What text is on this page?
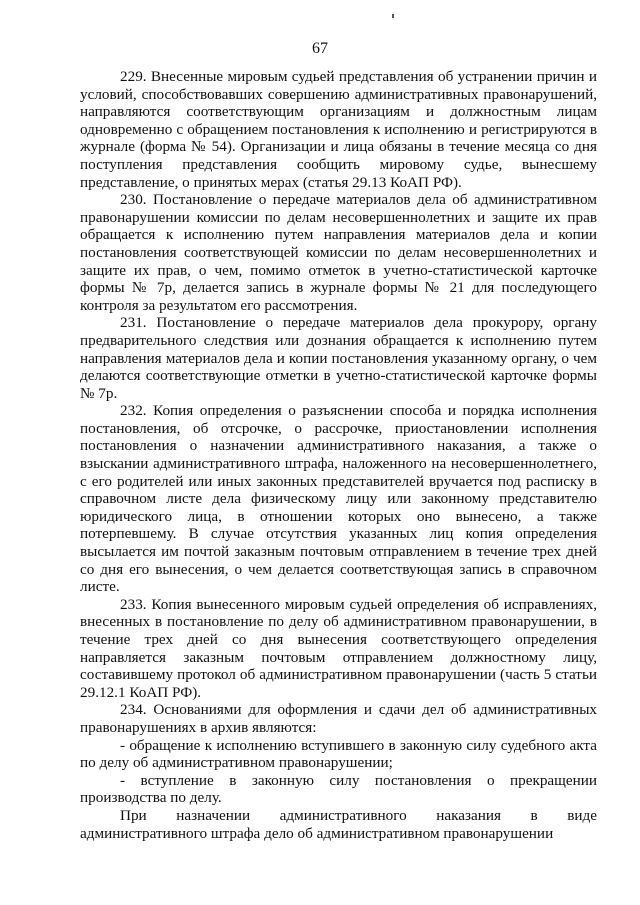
67

229. Внесенные мировым судьей представления об устранении причин и условий, способствовавших совершению административных правонарушений, направляются соответствующим организациям и должностным лицам одновременно с обращением постановления к исполнению и регистрируются в журнале (форма № 54). Организации и лица обязаны в течение месяца со дня поступления представления сообщить мировому судье, вынесшему представление, о принятых мерах (статья 29.13 КоАП РФ).

230. Постановление о передаче материалов дела об административном правонарушении комиссии по делам несовершеннолетних и защите их прав обращается к исполнению путем направления материалов дела и копии постановления соответствующей комиссии по делам несовершеннолетних и защите их прав, о чем, помимо отметок в учетно-статистической карточке формы № 7р, делается запись в журнале формы № 21 для последующего контроля за результатом его рассмотрения.

231. Постановление о передаче материалов дела прокурору, органу предварительного следствия или дознания обращается к исполнению путем направления материалов дела и копии постановления указанному органу, о чем делаются соответствующие отметки в учетно-статистической карточке формы № 7р.

232. Копия определения о разъяснении способа и порядка исполнения постановления, об отсрочке, о рассрочке, приостановлении исполнения постановления о назначении административного наказания, а также о взыскании административного штрафа, наложенного на несовершеннолетнего, с его родителей или иных законных представителей вручается под расписку в справочном листе дела физическому лицу или законному представителю юридического лица, в отношении которых оно вынесено, а также потерпевшему. В случае отсутствия указанных лиц копия определения высылается им почтой заказным почтовым отправлением в течение трех дней со дня его вынесения, о чем делается соответствующая запись в справочном листе.

233. Копия вынесенного мировым судьей определения об исправлениях, внесенных в постановление по делу об административном правонарушении, в течение трех дней со дня вынесения соответствующего определения направляется заказным почтовым отправлением должностному лицу, составившему протокол об административном правонарушении (часть 5 статьи 29.12.1 КоАП РФ).

234. Основаниями для оформления и сдачи дел об административных правонарушениях в архив являются:

- обращение к исполнению вступившего в законную силу судебного акта по делу об административном правонарушении;

- вступление в законную силу постановления о прекращении производства по делу.

При назначении административного наказания в виде административного штрафа дело об административном правонарушении
